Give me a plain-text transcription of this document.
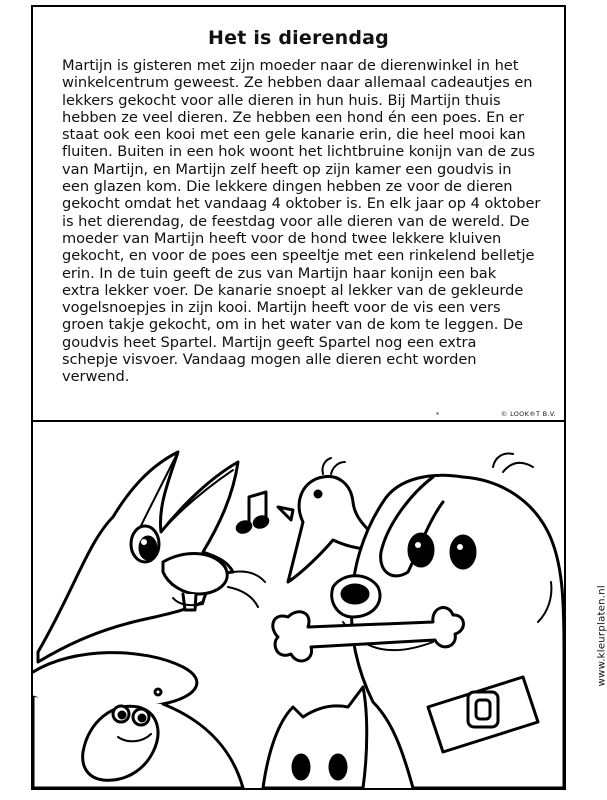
Het is dierendag
Martijn is gisteren met zijn moeder naar de dierenwinkel in het
winkelcentrum geweest. Ze hebben daar allemaal cadeautjes en
lekkers gekocht voor alle dieren in hun huis. Bij Martijn thuis
hebben ze veel dieren. Ze hebben een hond én een poes. En er
staat ook een kooi met een gele kanarie erin, die heel mooi kan
fluiten. Buiten in een hok woont het lichtbruine konijn van de zus
van Martijn, en Martijn zelf heeft op zijn kamer een goudvis in
een glazen kom. Die lekkere dingen hebben ze voor de dieren
gekocht omdat het vandaag 4 oktober is. En elk jaar op 4 oktober
is het dierendag, de feestdag voor alle dieren van de wereld. De
moeder van Martijn heeft voor de hond twee lekkere kluiven
gekocht, en voor de poes een speeltje met een rinkelend belletje
erin. In de tuin geeft de zus van Martijn haar konijn een bak
extra lekker voer. De kanarie snoept al lekker van de gekleurde
vogelsnoepjes in zijn kooi. Martijn heeft voor de vis een vers
groen takje gekocht, om in het water van de kom te leggen. De
goudvis heet Spartel. Martijn geeft Spartel nog een extra
schepje visvoer. Vandaag mogen alle dieren echt worden
verwend.
© LOOK®T B.V.
www.kleurplaten.nl
